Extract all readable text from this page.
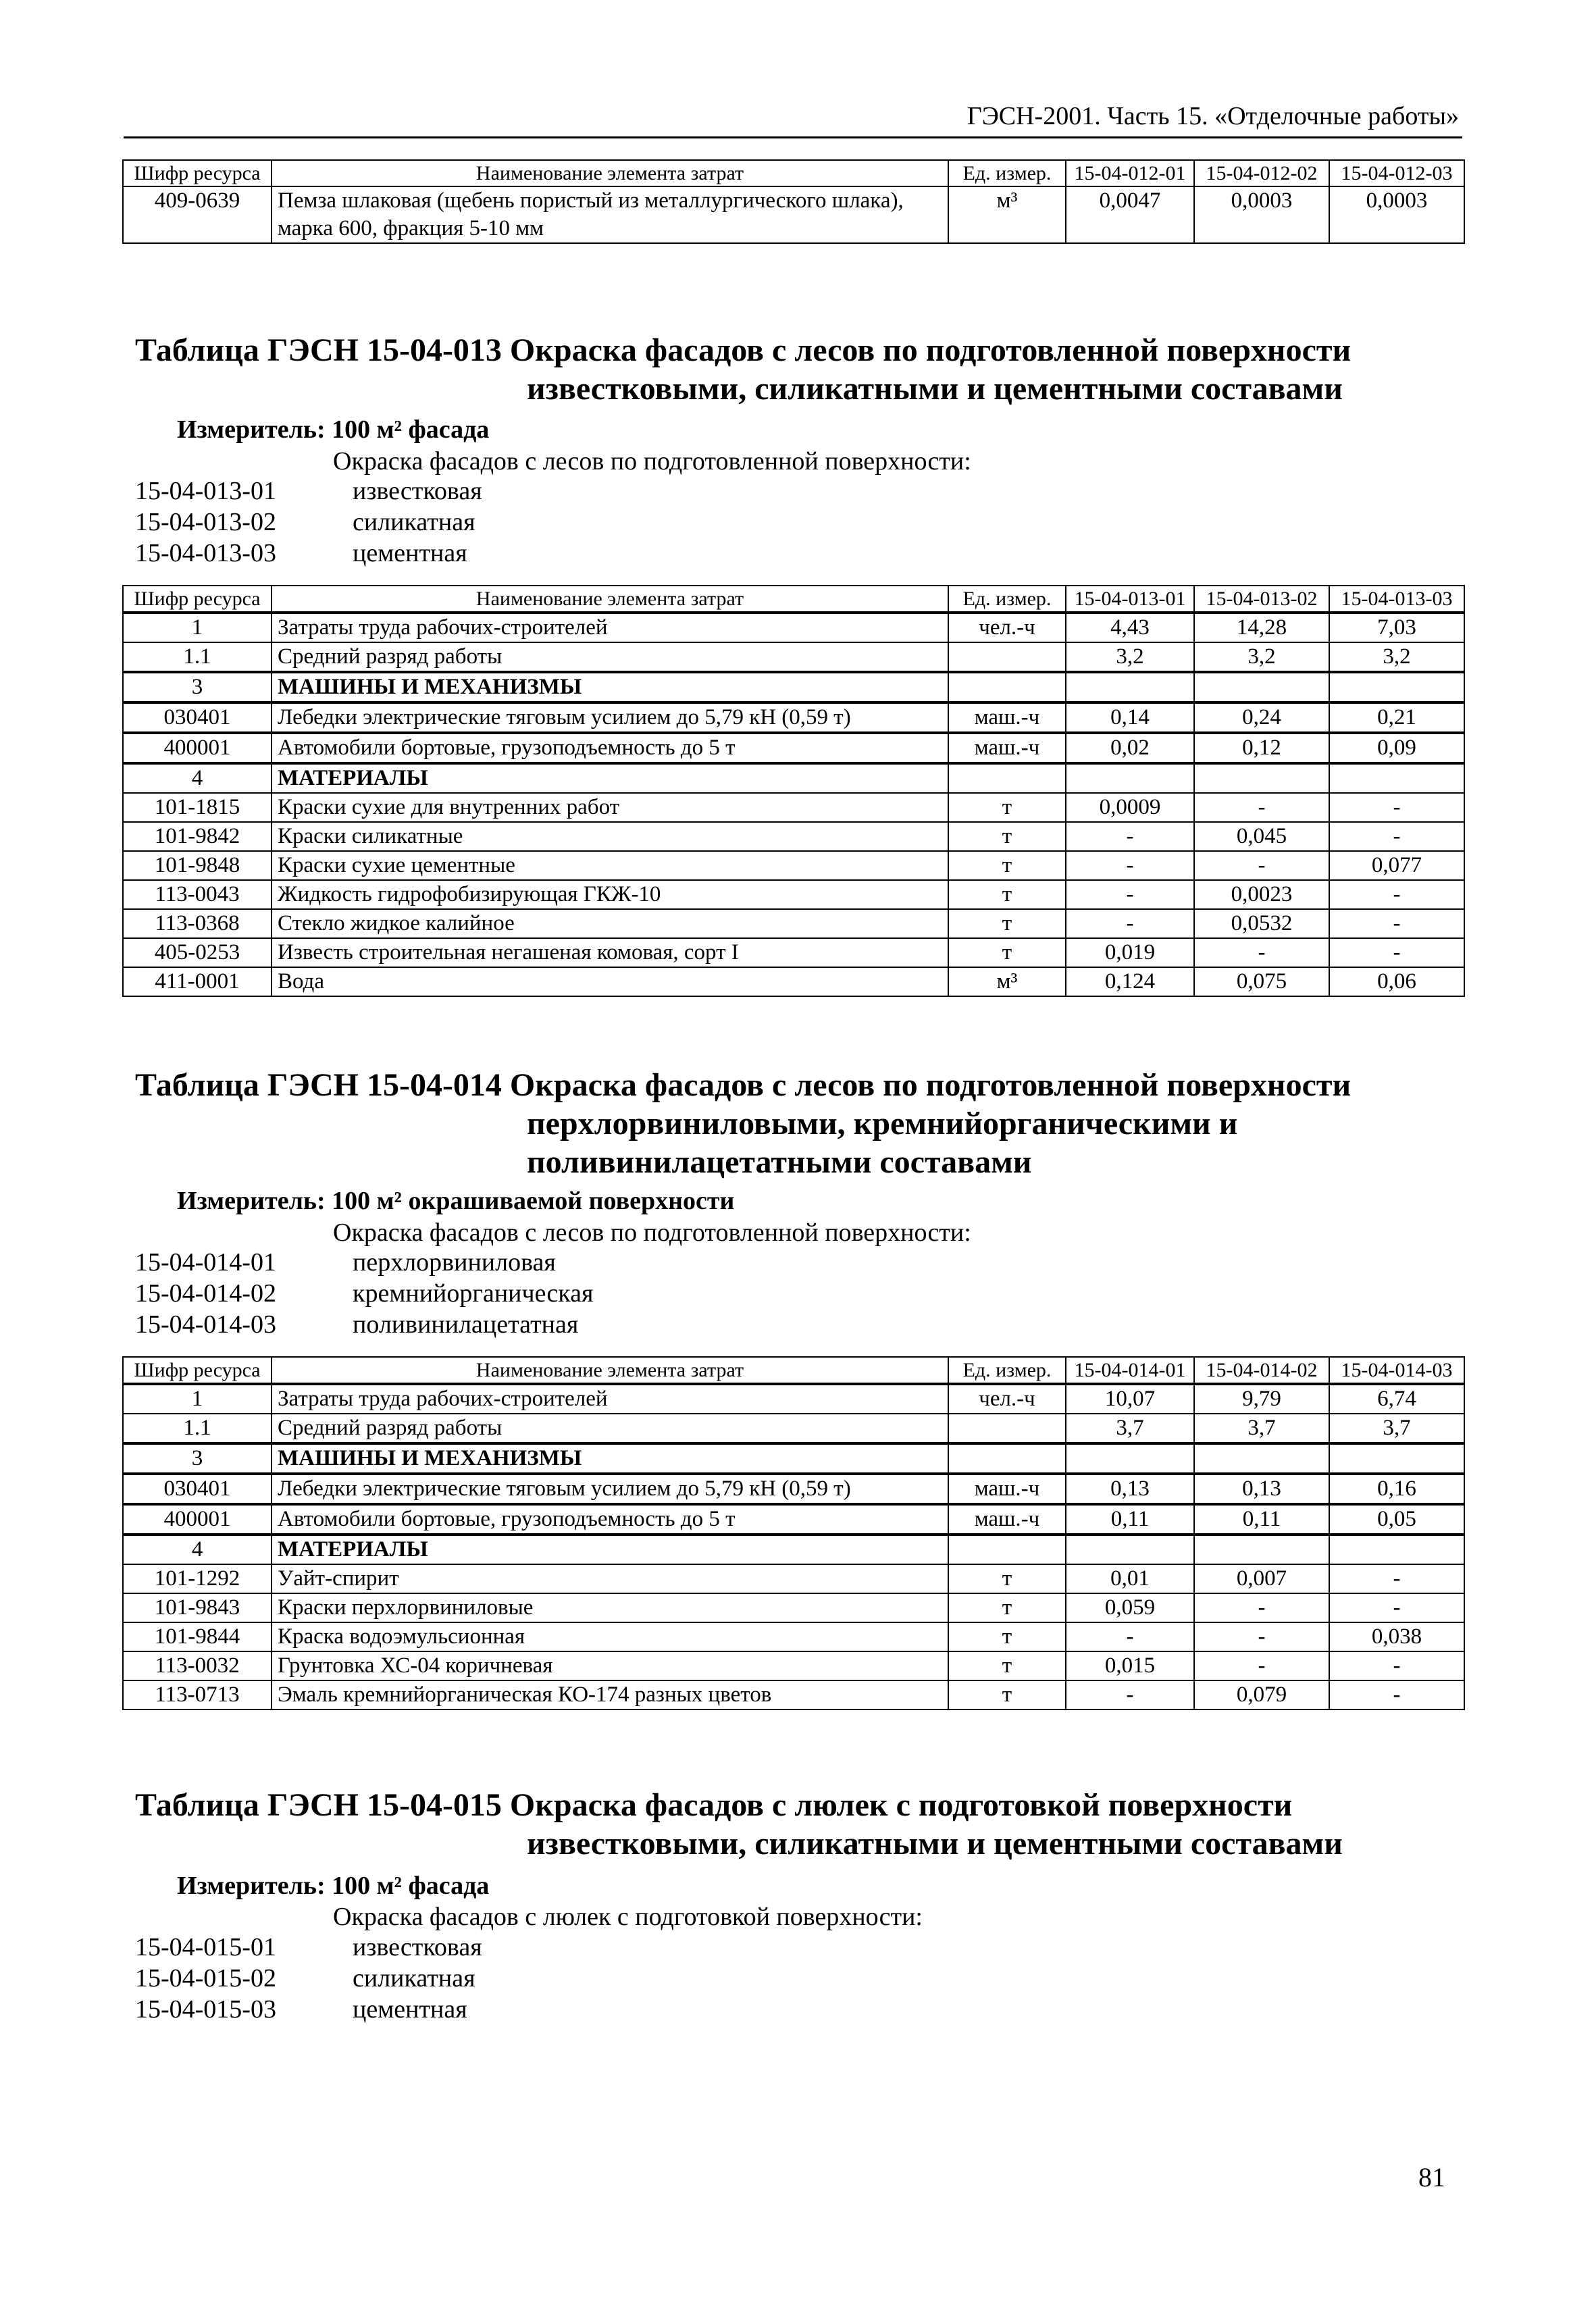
ГЭСН-2001. Часть 15. «Отделочные работы»
Шифр ресурса	Наименование элемента затрат	Ед. измер.	15-04-012-01	15-04-012-02	15-04-012-03
409-0639	Пемза шлаковая (щебень пористый из металлургического шлака), марка 600, фракция 5-10 мм	м³	0,0047	0,0003	0,0003
Таблица ГЭСН 15-04-013 Окраска фасадов с лесов по подготовленной поверхности
известковыми, силикатными и цементными составами
Измеритель: 100 м² фасада
Окраска фасадов с лесов по подготовленной поверхности:
15-04-013-01	известковая
15-04-013-02	силикатная
15-04-013-03	цементная
Шифр ресурса	Наименование элемента затрат	Ед. измер.	15-04-013-01	15-04-013-02	15-04-013-03
1	Затраты труда рабочих-строителей	чел.-ч	4,43	14,28	7,03
1.1	Средний разряд работы		3,2	3,2	3,2
3	МАШИНЫ И МЕХАНИЗМЫ				
030401	Лебедки электрические тяговым усилием до 5,79 кН (0,59 т)	маш.-ч	0,14	0,24	0,21
400001	Автомобили бортовые, грузоподъемность до 5 т	маш.-ч	0,02	0,12	0,09
4	МАТЕРИАЛЫ				
101-1815	Краски сухие для внутренних работ	т	0,0009	-	-
101-9842	Краски силикатные	т	-	0,045	-
101-9848	Краски сухие цементные	т	-	-	0,077
113-0043	Жидкость гидрофобизирующая ГКЖ-10	т	-	0,0023	-
113-0368	Стекло жидкое калийное	т	-	0,0532	-
405-0253	Известь строительная негашеная комовая, сорт I	т	0,019	-	-
411-0001	Вода	м³	0,124	0,075	0,06
Таблица ГЭСН 15-04-014 Окраска фасадов с лесов по подготовленной поверхности
перхлорвиниловыми, кремнийорганическими и
поливинилацетатными составами
Измеритель: 100 м² окрашиваемой поверхности
Окраска фасадов с лесов по подготовленной поверхности:
15-04-014-01	перхлорвиниловая
15-04-014-02	кремнийорганическая
15-04-014-03	поливинилацетатная
Шифр ресурса	Наименование элемента затрат	Ед. измер.	15-04-014-01	15-04-014-02	15-04-014-03
1	Затраты труда рабочих-строителей	чел.-ч	10,07	9,79	6,74
1.1	Средний разряд работы		3,7	3,7	3,7
3	МАШИНЫ И МЕХАНИЗМЫ				
030401	Лебедки электрические тяговым усилием до 5,79 кН (0,59 т)	маш.-ч	0,13	0,13	0,16
400001	Автомобили бортовые, грузоподъемность до 5 т	маш.-ч	0,11	0,11	0,05
4	МАТЕРИАЛЫ				
101-1292	Уайт-спирит	т	0,01	0,007	-
101-9843	Краски перхлорвиниловые	т	0,059	-	-
101-9844	Краска водоэмульсионная	т	-	-	0,038
113-0032	Грунтовка ХС-04 коричневая	т	0,015	-	-
113-0713	Эмаль кремнийорганическая КО-174 разных цветов	т	-	0,079	-
Таблица ГЭСН 15-04-015 Окраска фасадов с люлек с подготовкой поверхности
известковыми, силикатными и цементными составами
Измеритель: 100 м² фасада
Окраска фасадов с люлек с подготовкой поверхности:
15-04-015-01	известковая
15-04-015-02	силикатная
15-04-015-03	цементная
81
